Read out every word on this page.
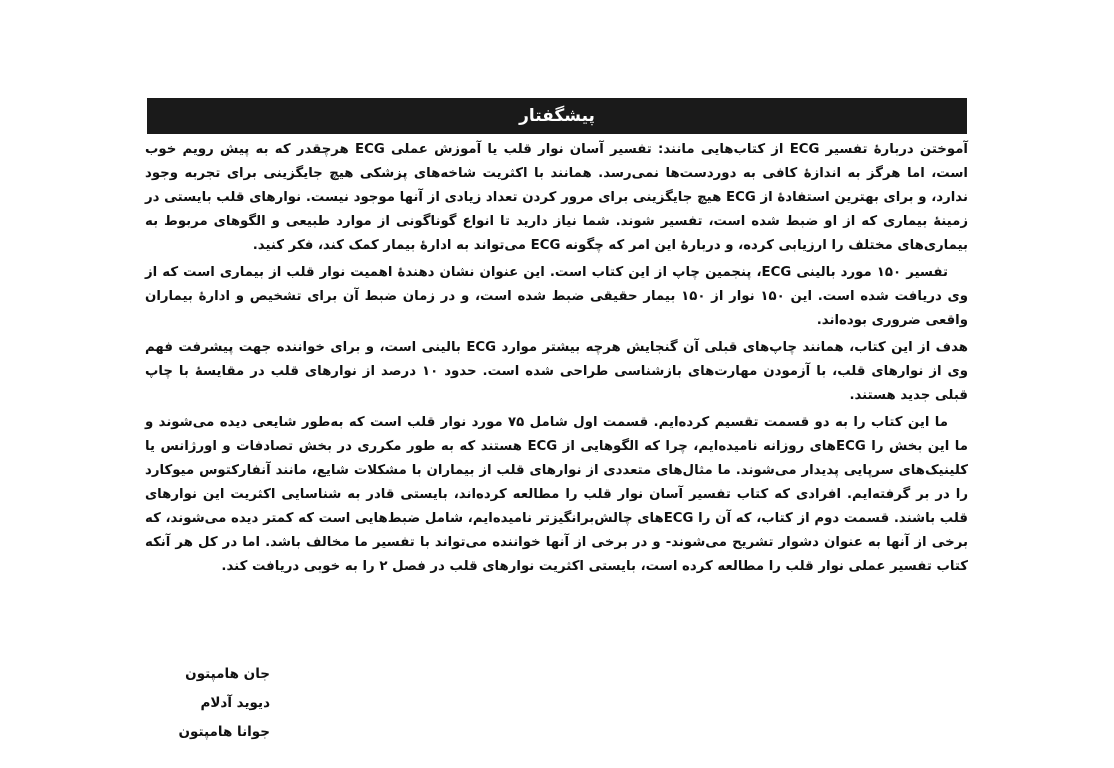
پیشگفتار

آموختن دربارهٔ تفسیر ECG از کتاب‌هایی مانند: تفسیر آسان نوار قلب یا آموزش عملی ECG هرچقدر که به پیش رویم خوب است، اما هرگز به اندازهٔ کافی به دوردست‌ها نمی‌رسد. همانند با اکثریت شاخه‌های پزشکی هیچ جایگزینی برای تجربه وجود ندارد، و برای بهترین استفادهٔ از ECG هیچ جایگزینی برای مرور کردن تعداد زیادی از آنها موجود نیست. نوارهای قلب بایستی در زمینهٔ بیماری که از او ضبط شده است، تفسیر شوند. شما نیاز دارید تا انواع گوناگونی از موارد طبیعی و الگوهای مربوط به بیماری‌های مختلف را ارزیابی کرده، و دربارهٔ این امر که چگونه ECG می‌تواند به ادارهٔ بیمار کمک کند، فکر کنید.

تفسیر ۱۵۰ مورد بالینی ECG، پنجمین چاپ از این کتاب است. این عنوان نشان دهندهٔ اهمیت نوار قلب از بیماری است که از وی دریافت شده است. این ۱۵۰ نوار از ۱۵۰ بیمار حقیقی ضبط شده است، و در زمان ضبط آن برای تشخیص و ادارهٔ بیماران واقعی ضروری بوده‌اند.

هدف از این کتاب، همانند چاپ‌های قبلی آن گنجایش هرچه بیشتر موارد ECG بالینی است، و برای خواننده جهت پیشرفت فهم وی از نوارهای قلب، با آزمودن مهارت‌های بازشناسی طراحی شده است. حدود ۱۰ درصد از نوارهای قلب در مقایسهٔ با چاپ قبلی جدید هستند.

ما این کتاب را به دو قسمت تقسیم کرده‌ایم. قسمت اول شامل ۷۵ مورد نوار قلب است که به‌طور شایعی دیده می‌شوند و ما این بخش را ECGهای روزانه نامیده‌ایم، چرا که الگوهایی از ECG هستند که به طور مکرری در بخش تصادفات و اورژانس یا کلینیک‌های سرپایی پدیدار می‌شوند. ما مثال‌های متعددی از نوارهای قلب از بیماران با مشکلات شایع، مانند آنفارکتوس میوکارد را در بر گرفته‌ایم. افرادی که کتاب تفسیر آسان نوار قلب را مطالعه کرده‌اند، بایستی قادر به شناسایی اکثریت این نوارهای قلب باشند. قسمت دوم از کتاب، که آن را ECGهای چالش‌برانگیزتر نامیده‌ایم، شامل ضبط‌هایی است که کمتر دیده می‌شوند، که برخی از آنها به عنوان دشوار تشریح می‌شوند- و در برخی از آنها خواننده می‌تواند با تفسیر ما مخالف باشد. اما در کل هر آنکه کتاب تفسیر عملی نوار قلب را مطالعه کرده است، بایستی اکثریت نوارهای قلب در فصل ۲ را به خوبی دریافت کند.

جان هامپتون
دیوید آدلام
جوانا هامپتون
